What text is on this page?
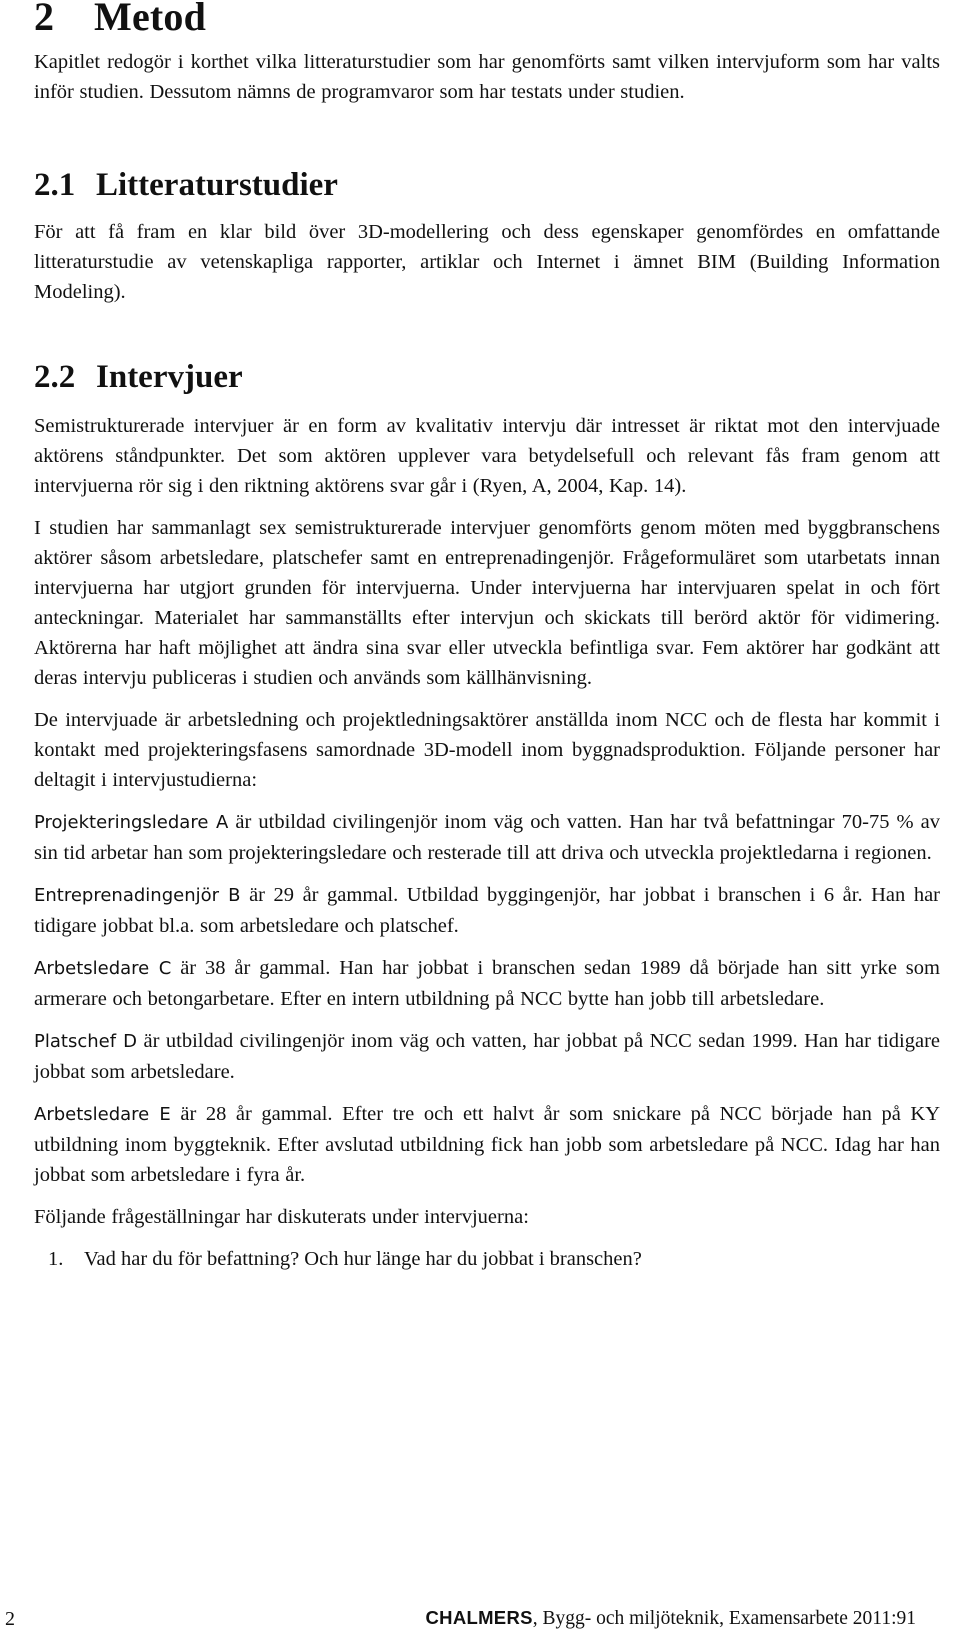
2 Metod

Kapitlet redogör i korthet vilka litteraturstudier som har genomförts samt vilken intervjuform som har valts inför studien. Dessutom nämns de programvaror som har testats under studien.

2.1 Litteraturstudier

För att få fram en klar bild över 3D-modellering och dess egenskaper genomfördes en omfattande litteraturstudie av vetenskapliga rapporter, artiklar och Internet i ämnet BIM (Building Information Modeling).

2.2 Intervjuer

Semistrukturerade intervjuer är en form av kvalitativ intervju där intresset är riktat mot den intervjuade aktörens ståndpunkter. Det som aktören upplever vara betydelsefull och relevant fås fram genom att intervjuerna rör sig i den riktning aktörens svar går i (Ryen, A, 2004, Kap. 14).

I studien har sammanlagt sex semistrukturerade intervjuer genomförts genom möten med byggbranschens aktörer såsom arbetsledare, platschefer samt en entreprenadingenjör. Frågeformuläret som utarbetats innan intervjuerna har utgjort grunden för intervjuerna. Under intervjuerna har intervjuaren spelat in och fört anteckningar. Materialet har sammanställts efter intervjun och skickats till berörd aktör för vidimering. Aktörerna har haft möjlighet att ändra sina svar eller utveckla befintliga svar. Fem aktörer har godkänt att deras intervju publiceras i studien och används som källhänvisning.

De intervjuade är arbetsledning och projektledningsaktörer anställda inom NCC och de flesta har kommit i kontakt med projekteringsfasens samordnade 3D-modell inom byggnadsproduktion. Följande personer har deltagit i intervjustudierna:

Projekteringsledare A är utbildad civilingenjör inom väg och vatten. Han har två befattningar 70-75 % av sin tid arbetar han som projekteringsledare och resterade till att driva och utveckla projektledarna i regionen.

Entreprenadingenjör B är 29 år gammal. Utbildad byggingenjör, har jobbat i branschen i 6 år. Han har tidigare jobbat bl.a. som arbetsledare och platschef.

Arbetsledare C är 38 år gammal. Han har jobbat i branschen sedan 1989 då började han sitt yrke som armerare och betongarbetare. Efter en intern utbildning på NCC bytte han jobb till arbetsledare.

Platschef D är utbildad civilingenjör inom väg och vatten, har jobbat på NCC sedan 1999. Han har tidigare jobbat som arbetsledare.

Arbetsledare E är 28 år gammal. Efter tre och ett halvt år som snickare på NCC började han på KY utbildning inom byggteknik. Efter avslutad utbildning fick han jobb som arbetsledare på NCC. Idag har han jobbat som arbetsledare i fyra år.

Följande frågeställningar har diskuterats under intervjuerna:

1. Vad har du för befattning? Och hur länge har du jobbat i branschen?
2	CHALMERS, Bygg- och miljöteknik, Examensarbete 2011:91
